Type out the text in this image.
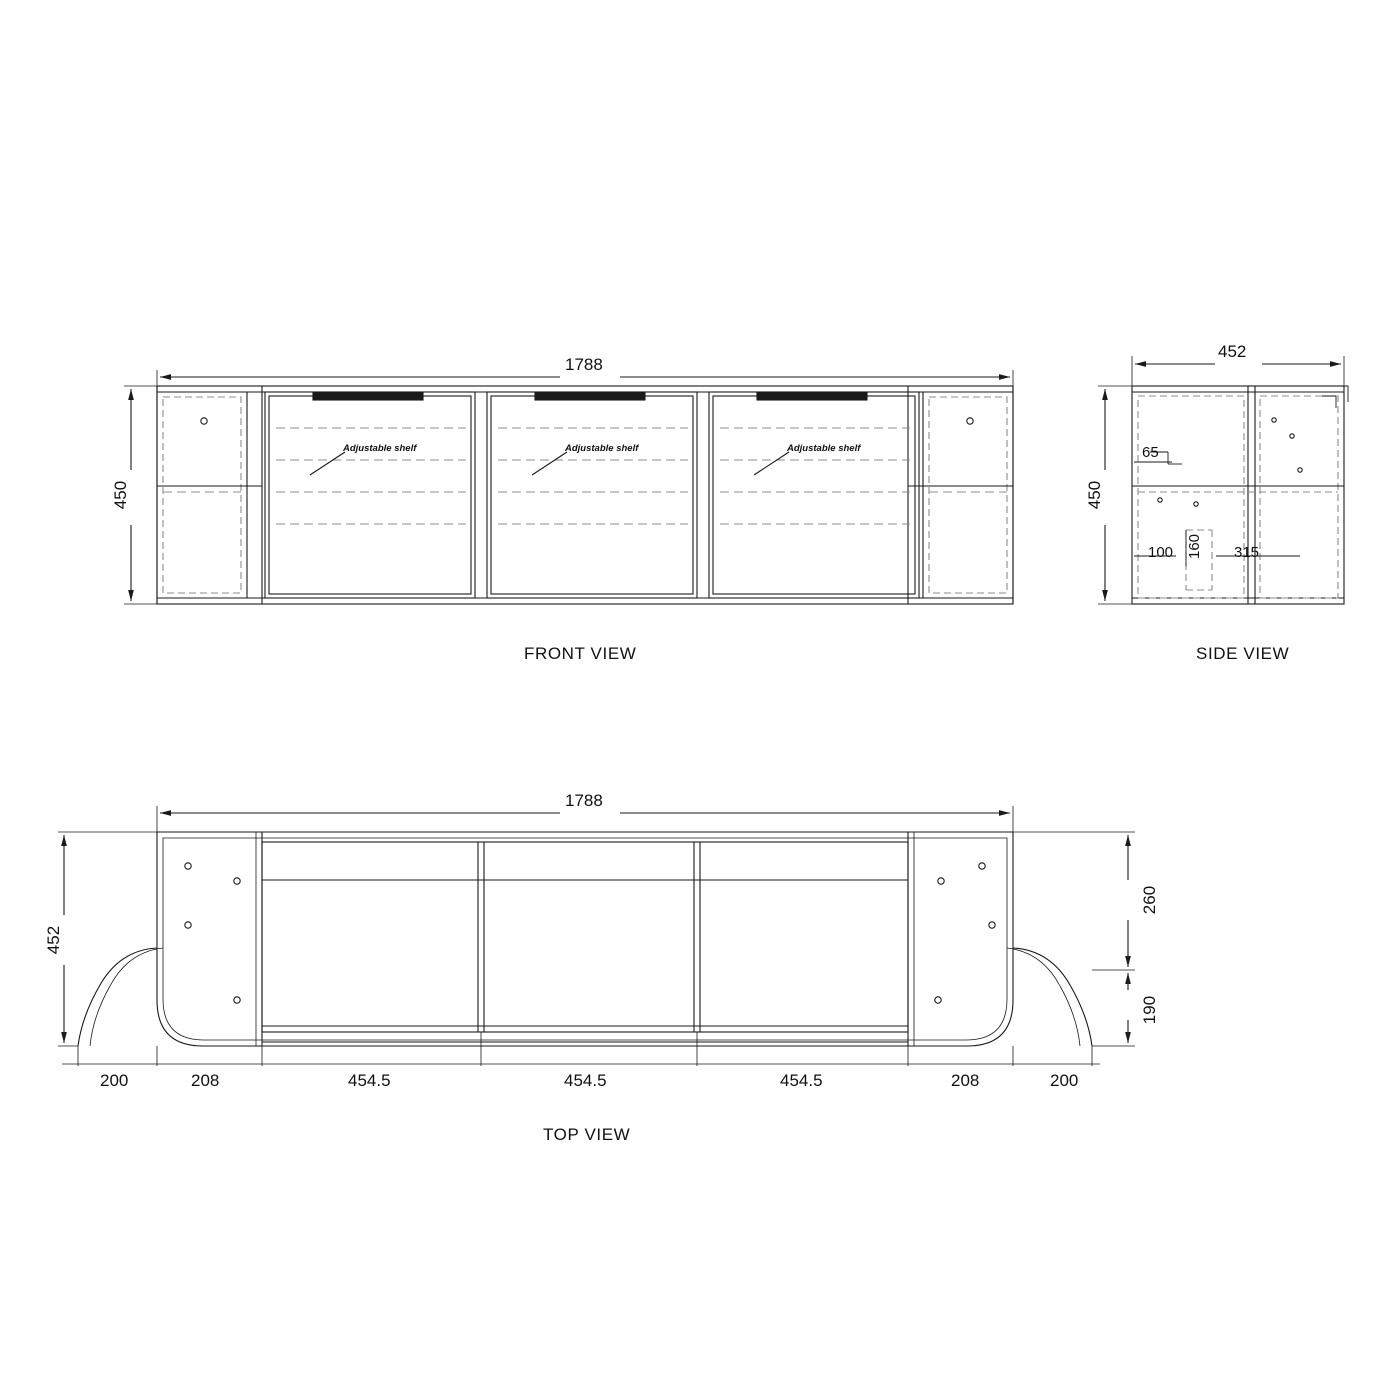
1788
450
FRONT VIEW
Adjustable shelf	Adjustable shelf	Adjustable shelf
452
450
65
100 160 315
SIDE VIEW
1788
452
260
190
200	208	454.5	454.5	454.5	208	200
TOP VIEW
